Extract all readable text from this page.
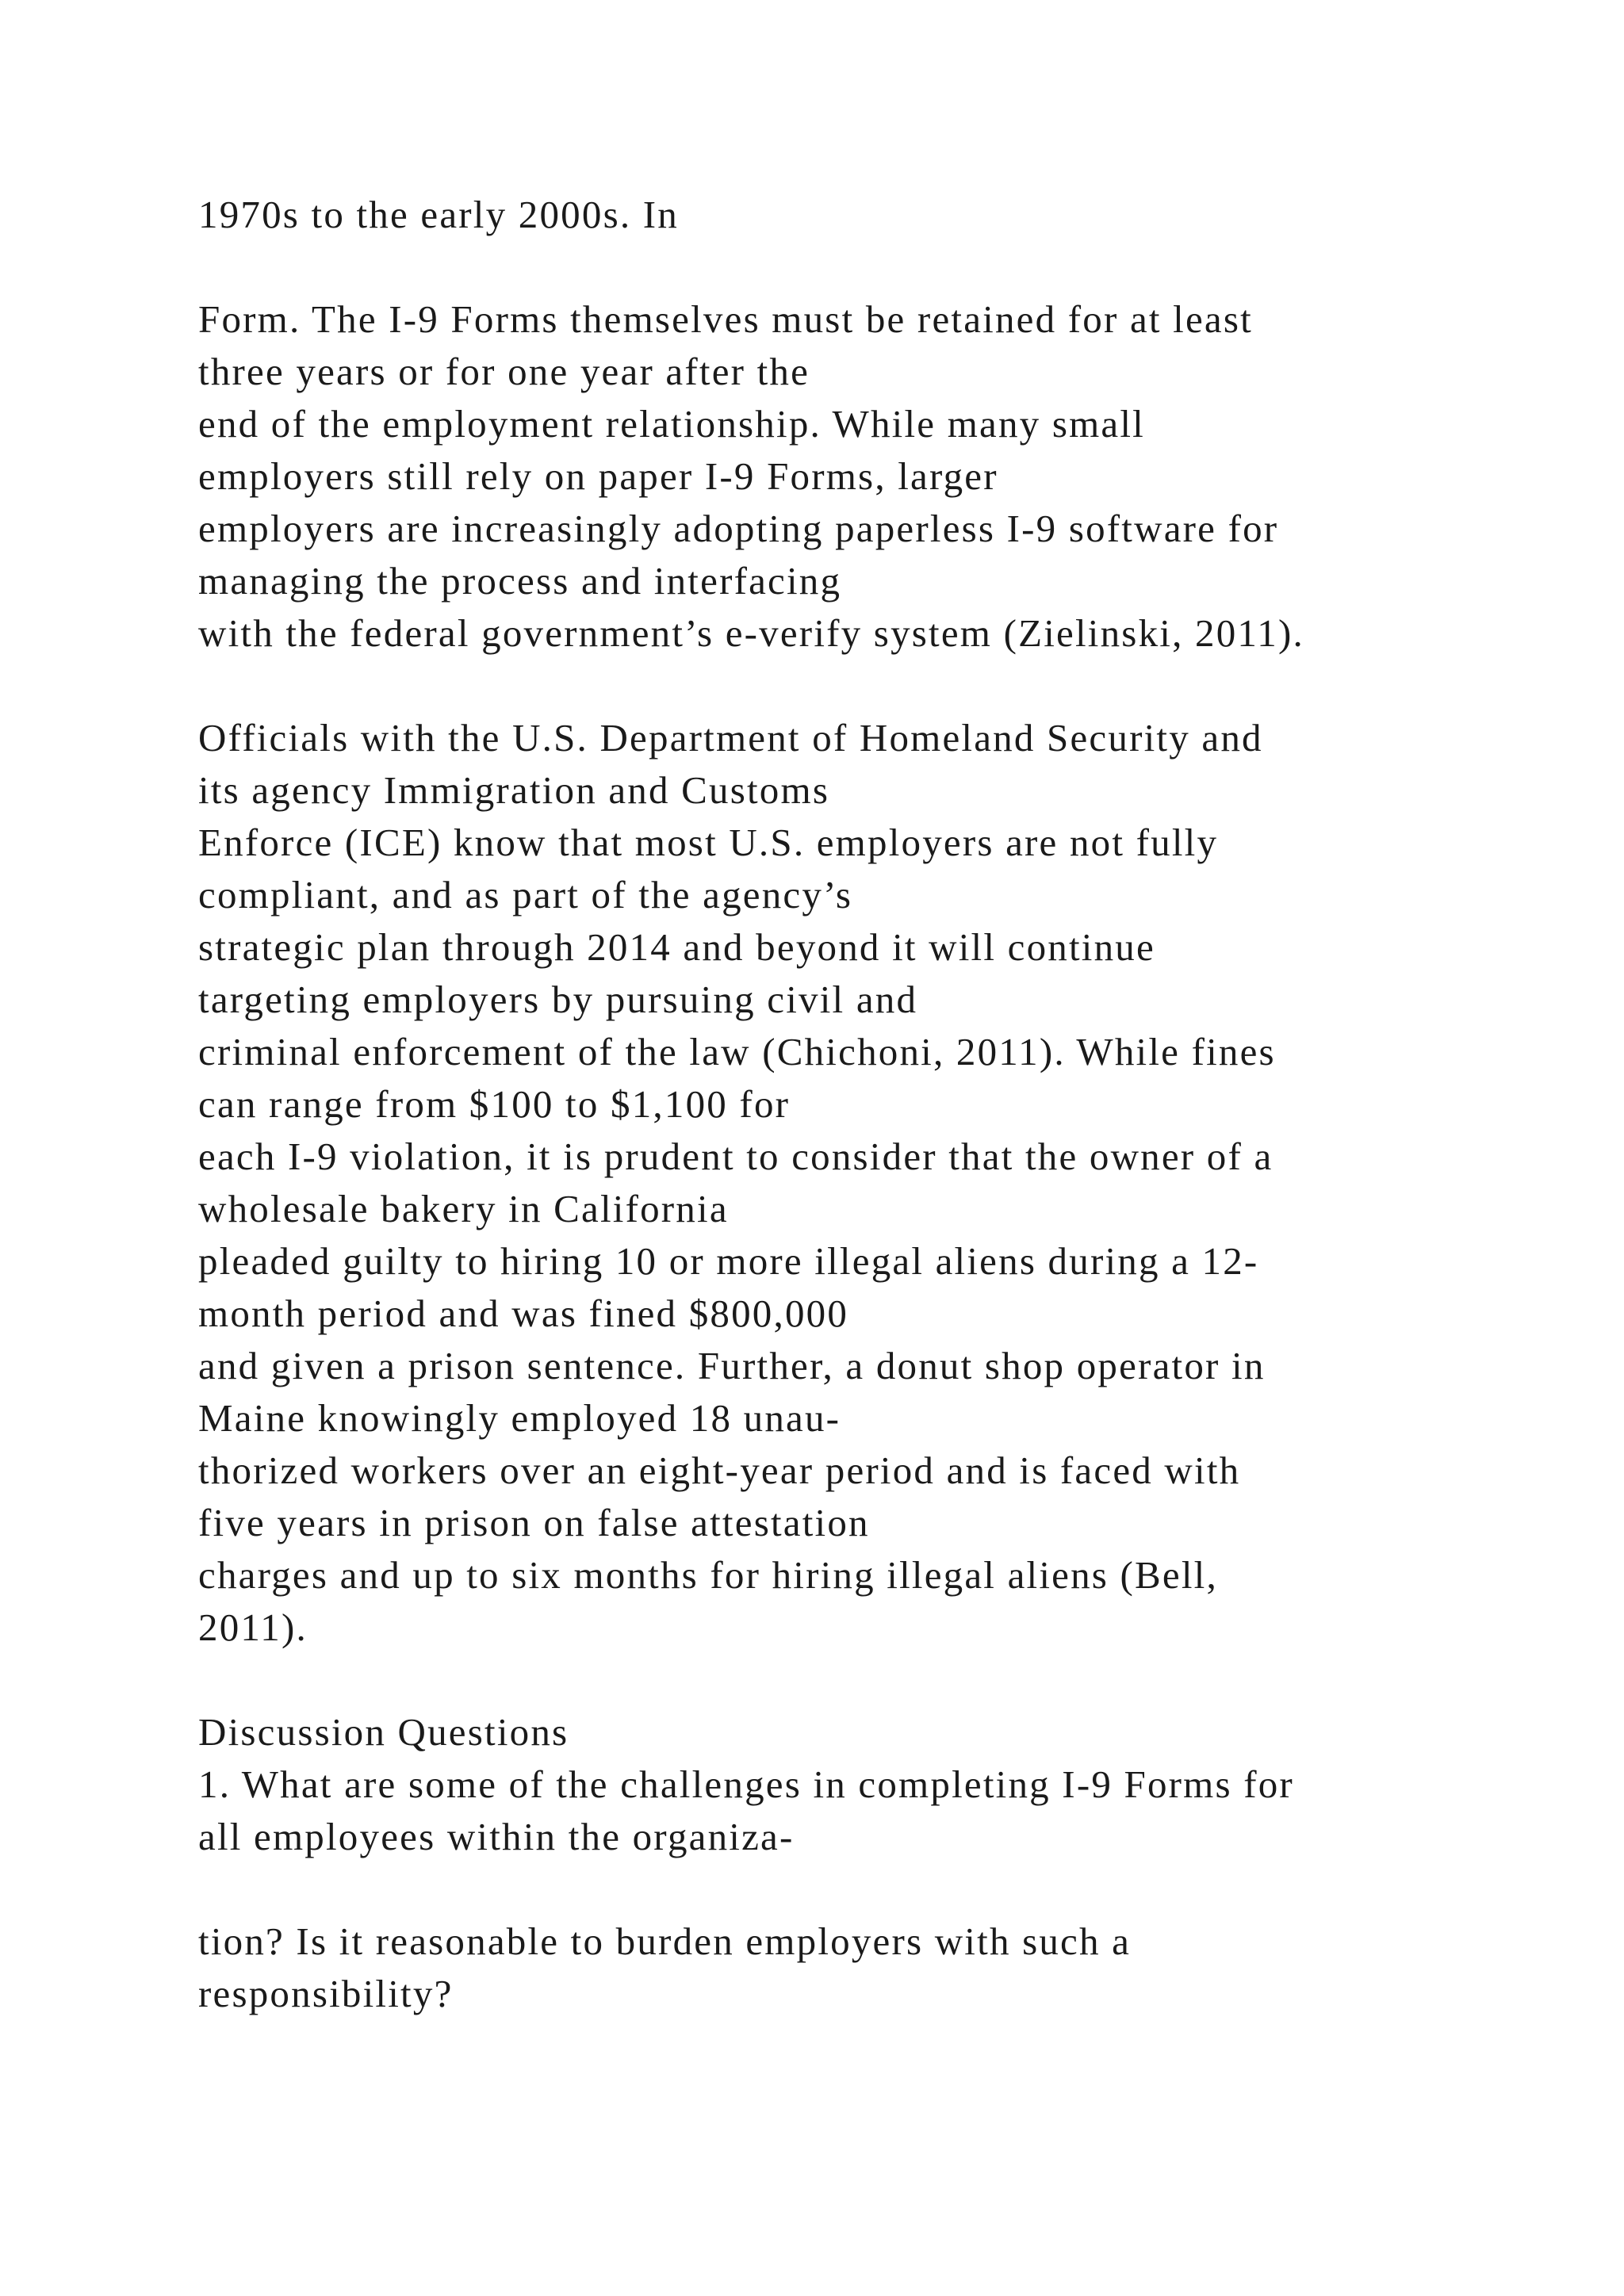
1970s to the early 2000s. In
Form. The I-9 Forms themselves must be retained for at least
three years or for one year after the
end of the employment relationship. While many small
employers still rely on paper I-9 Forms, larger
employers are increasingly adopting paperless I-9 software for
managing the process and interfacing
with the federal government’s e-verify system (Zielinski, 2011).
Officials with the U.S. Department of Homeland Security and
its agency Immigration and Customs
Enforce (ICE) know that most U.S. employers are not fully
compliant, and as part of the agency’s
strategic plan through 2014 and beyond it will continue
targeting employers by pursuing civil and
criminal enforcement of the law (Chichoni, 2011). While fines
can range from $100 to $1,100 for
each I-9 violation, it is prudent to consider that the owner of a
wholesale bakery in California
pleaded guilty to hiring 10 or more illegal aliens during a 12-
month period and was fined $800,000
and given a prison sentence. Further, a donut shop operator in
Maine knowingly employed 18 unau-
thorized workers over an eight-year period and is faced with
five years in prison on false attestation
charges and up to six months for hiring illegal aliens (Bell,
2011).
Discussion Questions
1. What are some of the challenges in completing I-9 Forms for
all employees within the organiza-
tion? Is it reasonable to burden employers with such a
responsibility?
